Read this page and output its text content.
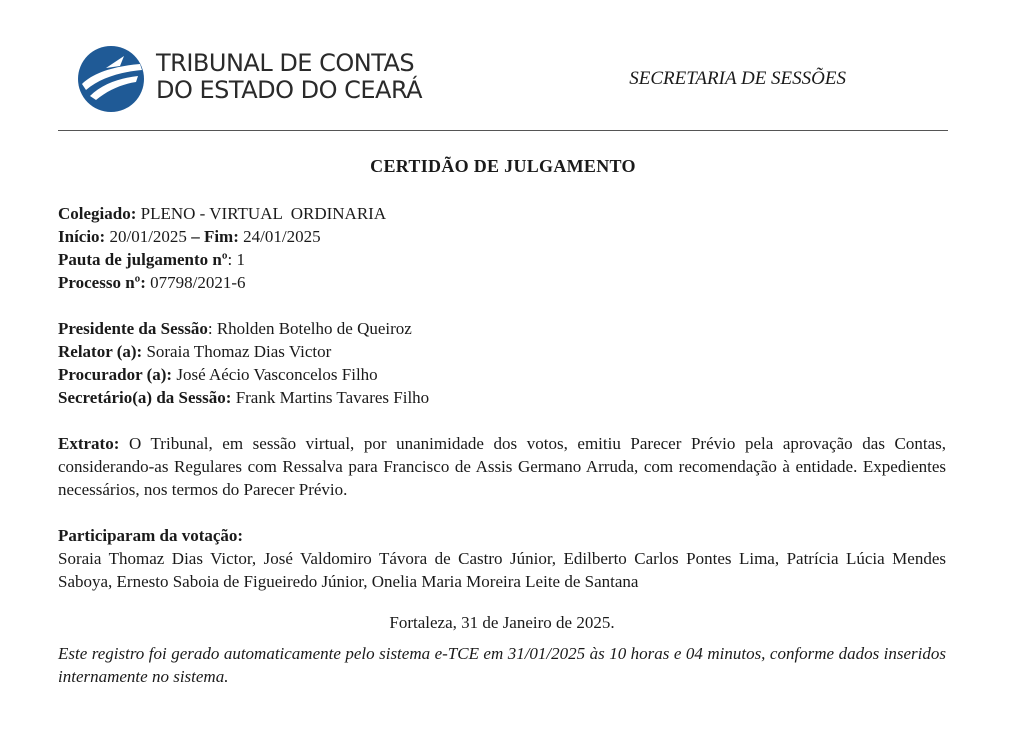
TRIBUNAL DE CONTAS
DO ESTADO DO CEARÁ	SECRETARIA DE SESSÕES
CERTIDÃO DE JULGAMENTO
Colegiado: PLENO - VIRTUAL  ORDINARIA
Início: 20/01/2025 – Fim: 24/01/2025
Pauta de julgamento nº: 1
Processo nº: 07798/2021-6
Presidente da Sessão: Rholden Botelho de Queiroz
Relator (a): Soraia Thomaz Dias Victor
Procurador (a): José Aécio Vasconcelos Filho
Secretário(a) da Sessão: Frank Martins Tavares Filho
Extrato: O Tribunal, em sessão virtual, por unanimidade dos votos, emitiu Parecer Prévio pela aprovação das Contas, considerando-as Regulares com Ressalva para Francisco de Assis Germano Arruda, com recomendação à entidade. Expedientes necessários, nos termos do Parecer Prévio.
Participaram da votação:
Soraia Thomaz Dias Victor, José Valdomiro Távora de Castro Júnior, Edilberto Carlos Pontes Lima, Patrícia Lúcia Mendes Saboya, Ernesto Saboia de Figueiredo Júnior, Onelia Maria Moreira Leite de Santana
Fortaleza, 31 de Janeiro de 2025.
Este registro foi gerado automaticamente pelo sistema e-TCE em 31/01/2025 às 10 horas e 04 minutos, conforme dados inseridos internamente no sistema.
